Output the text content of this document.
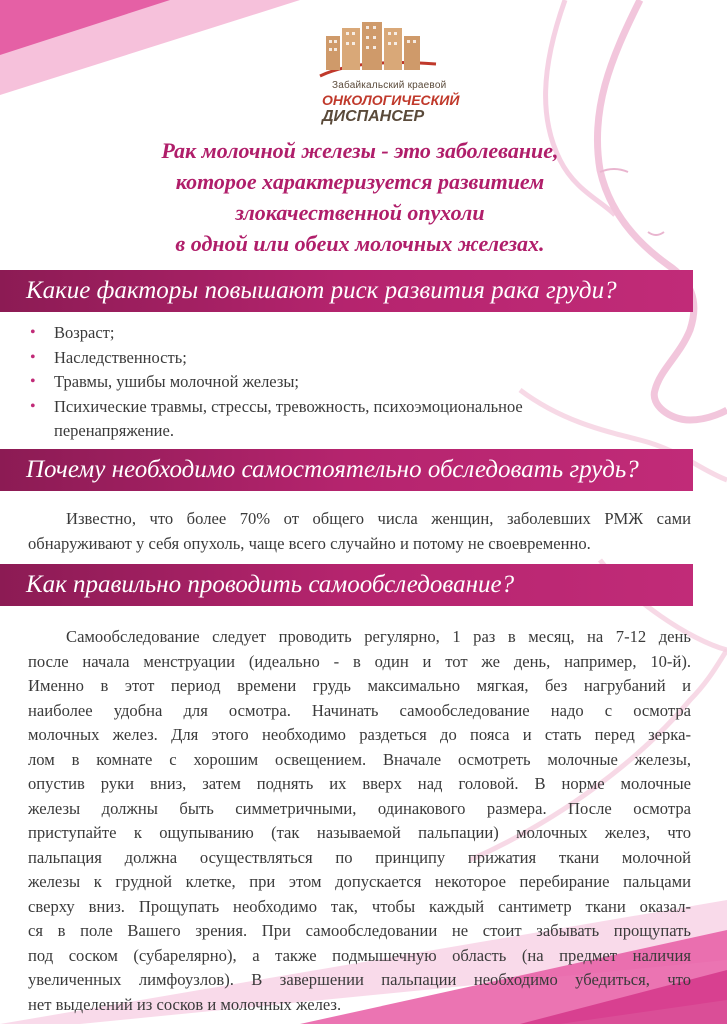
Забайкальский краевой
ОНКОЛОГИЧЕСКИЙ
ДИСПАНСЕР
Рак молочной железы - это заболевание,
которое характеризуется развитием
злокачественной опухоли
в одной или обеих молочных железах.
Какие факторы повышают риск развития рака груди?
• Возраст;
• Наследственность;
• Травмы, ушибы молочной железы;
• Психические травмы, стрессы, тревожность, психоэмоциональное
перенапряжение.
Почему необходимо самостоятельно обследовать грудь?
Известно, что более 70% от общего числа женщин, заболевших РМЖ сами
обнаруживают у себя опухоль, чаще всего случайно и потому не своевременно.
Как правильно проводить самообследование?
Самообследование следует проводить регулярно, 1 раз в месяц, на 7-12 день
после начала менструации (идеально - в один и тот же день, например, 10-й).
Именно в этот период времени грудь максимально мягкая, без нагрубаний и
наиболее удобна для осмотра. Начинать самообследование надо с осмотра
молочных желез. Для этого необходимо раздеться до пояса и стать перед зерка-
лом в комнате с хорошим освещением. Вначале осмотреть молочные железы,
опустив руки вниз, затем поднять их вверх над головой. В норме молочные
железы должны быть симметричными, одинакового размера. После осмотра
приступайте к ощупыванию (так называемой пальпации) молочных желез, что
пальпация должна осуществляться по принципу прижатия ткани молочной
железы к грудной клетке, при этом допускается некоторое перебирание пальцами
сверху вниз. Прощупать необходимо так, чтобы каждый сантиметр ткани оказал-
ся в поле Вашего зрения. При самообследовании не стоит забывать прощупать
под соском (субарелярно), а также подмышечную область (на предмет наличия
увеличенных лимфоузлов). В завершении пальпации необходимо убедиться, что
нет выделений из сосков и молочных желез.
